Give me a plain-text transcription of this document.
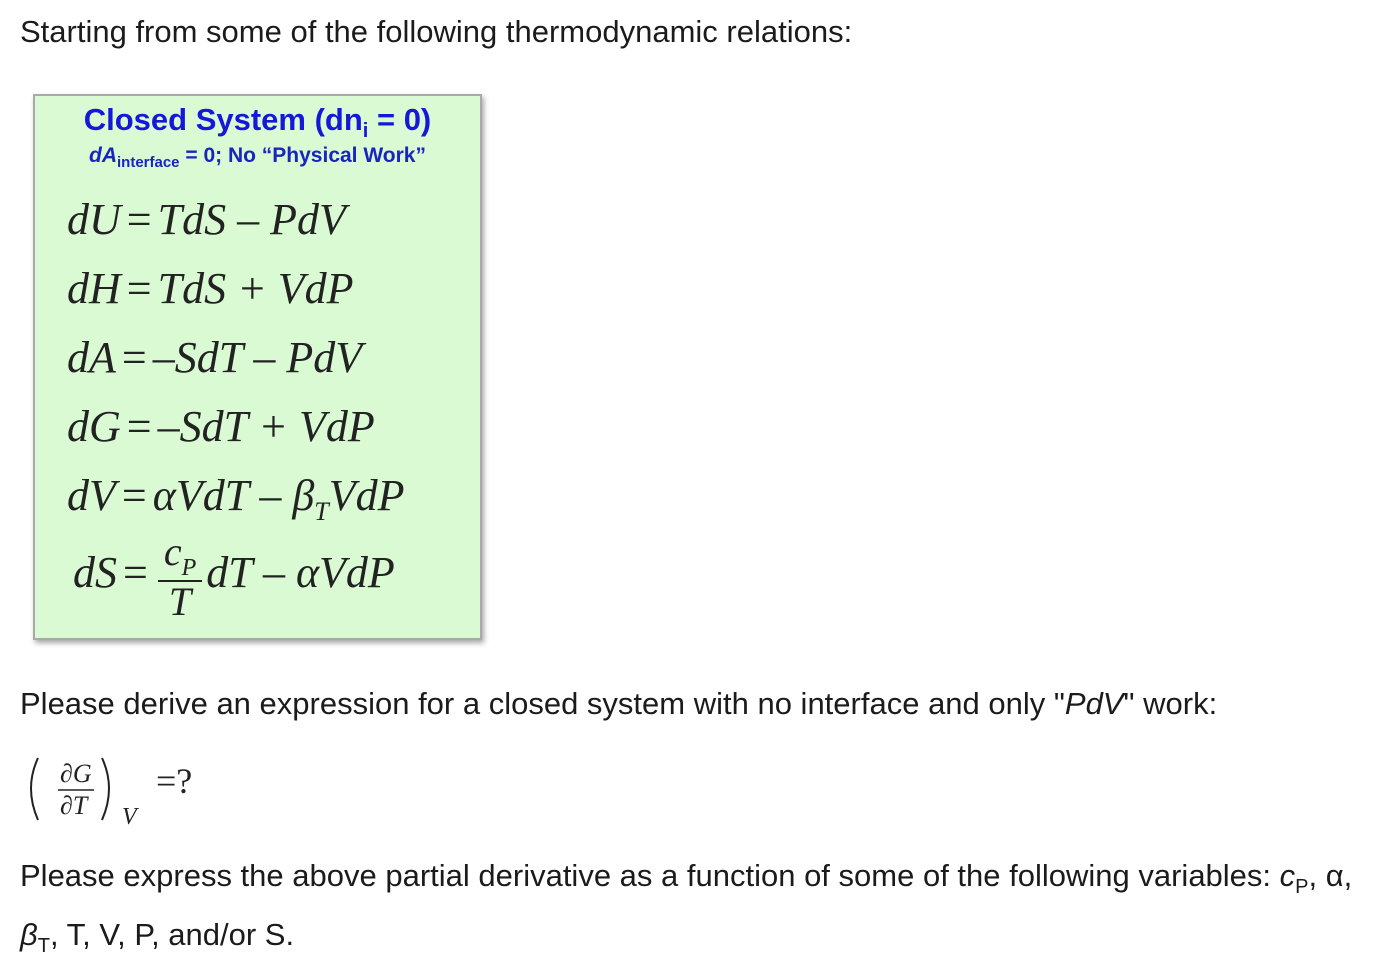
Starting from some of the following thermodynamic relations:

Closed System $(dn_i = 0)$
$dA_{interface} = 0$; No “Physical Work”
dU = TdS – PdV
dH = TdS + VdP
dA = –SdT – PdV
dG = –SdT + VdP
dV = αVdT – $\beta_TVdP$
dS = $\frac{c_P}{T}$ dT – αVdP

Please derive an expression for a closed system with no interface and only "PdV" work:

∂G
∂T V
=?

Please express the above partial derivative as a function of some of the following variables: $c_P$, α,
$\beta_T$, T, V, P, and/or S.
